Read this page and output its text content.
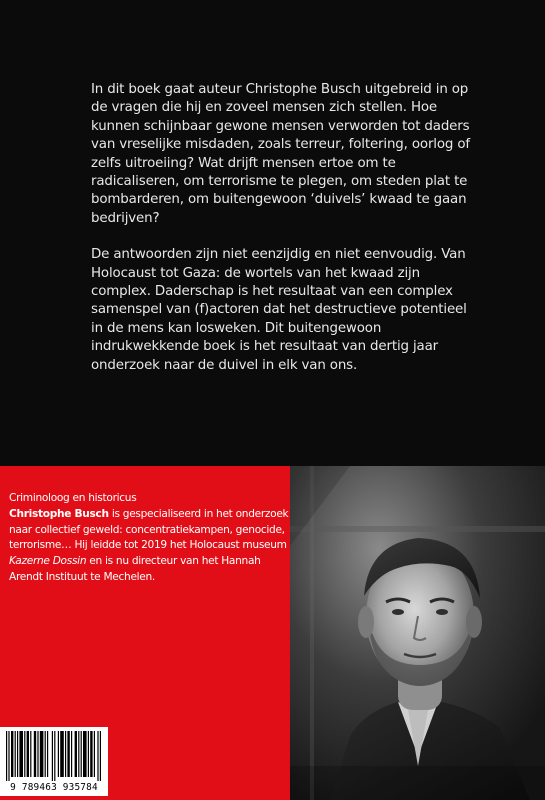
In dit boek gaat auteur Christophe Busch uitgebreid in op de vragen die hij en zoveel mensen zich stellen. Hoe kunnen schijnbaar gewone mensen verworden tot daders van vreselijke misdaden, zoals terreur, foltering, oorlog of zelfs uitroeiing? Wat drijft mensen ertoe om te radicaliseren, om terrorisme te plegen, om steden plat te bombarderen, om buitengewoon ‘duivels’ kwaad te gaan bedrijven?

De antwoorden zijn niet eenzijdig en niet eenvoudig. Van Holocaust tot Gaza: de wortels van het kwaad zijn complex. Daderschap is het resultaat van een complex samenspel van (f)actoren dat het destructieve potentieel in de mens kan losweken. Dit buitengewoon indrukwekkende boek is het resultaat van dertig jaar onderzoek naar de duivel in elk van ons.

Criminoloog en historicus
Christophe Busch is gespecialiseerd in het onderzoek naar collectief geweld: concentratiekampen, genocide, terrorisme… Hij leidde tot 2019 het Holocaust museum Kazerne Dossin en is nu directeur van het Hannah Arendt Instituut te Mechelen.
9 789463 935784
